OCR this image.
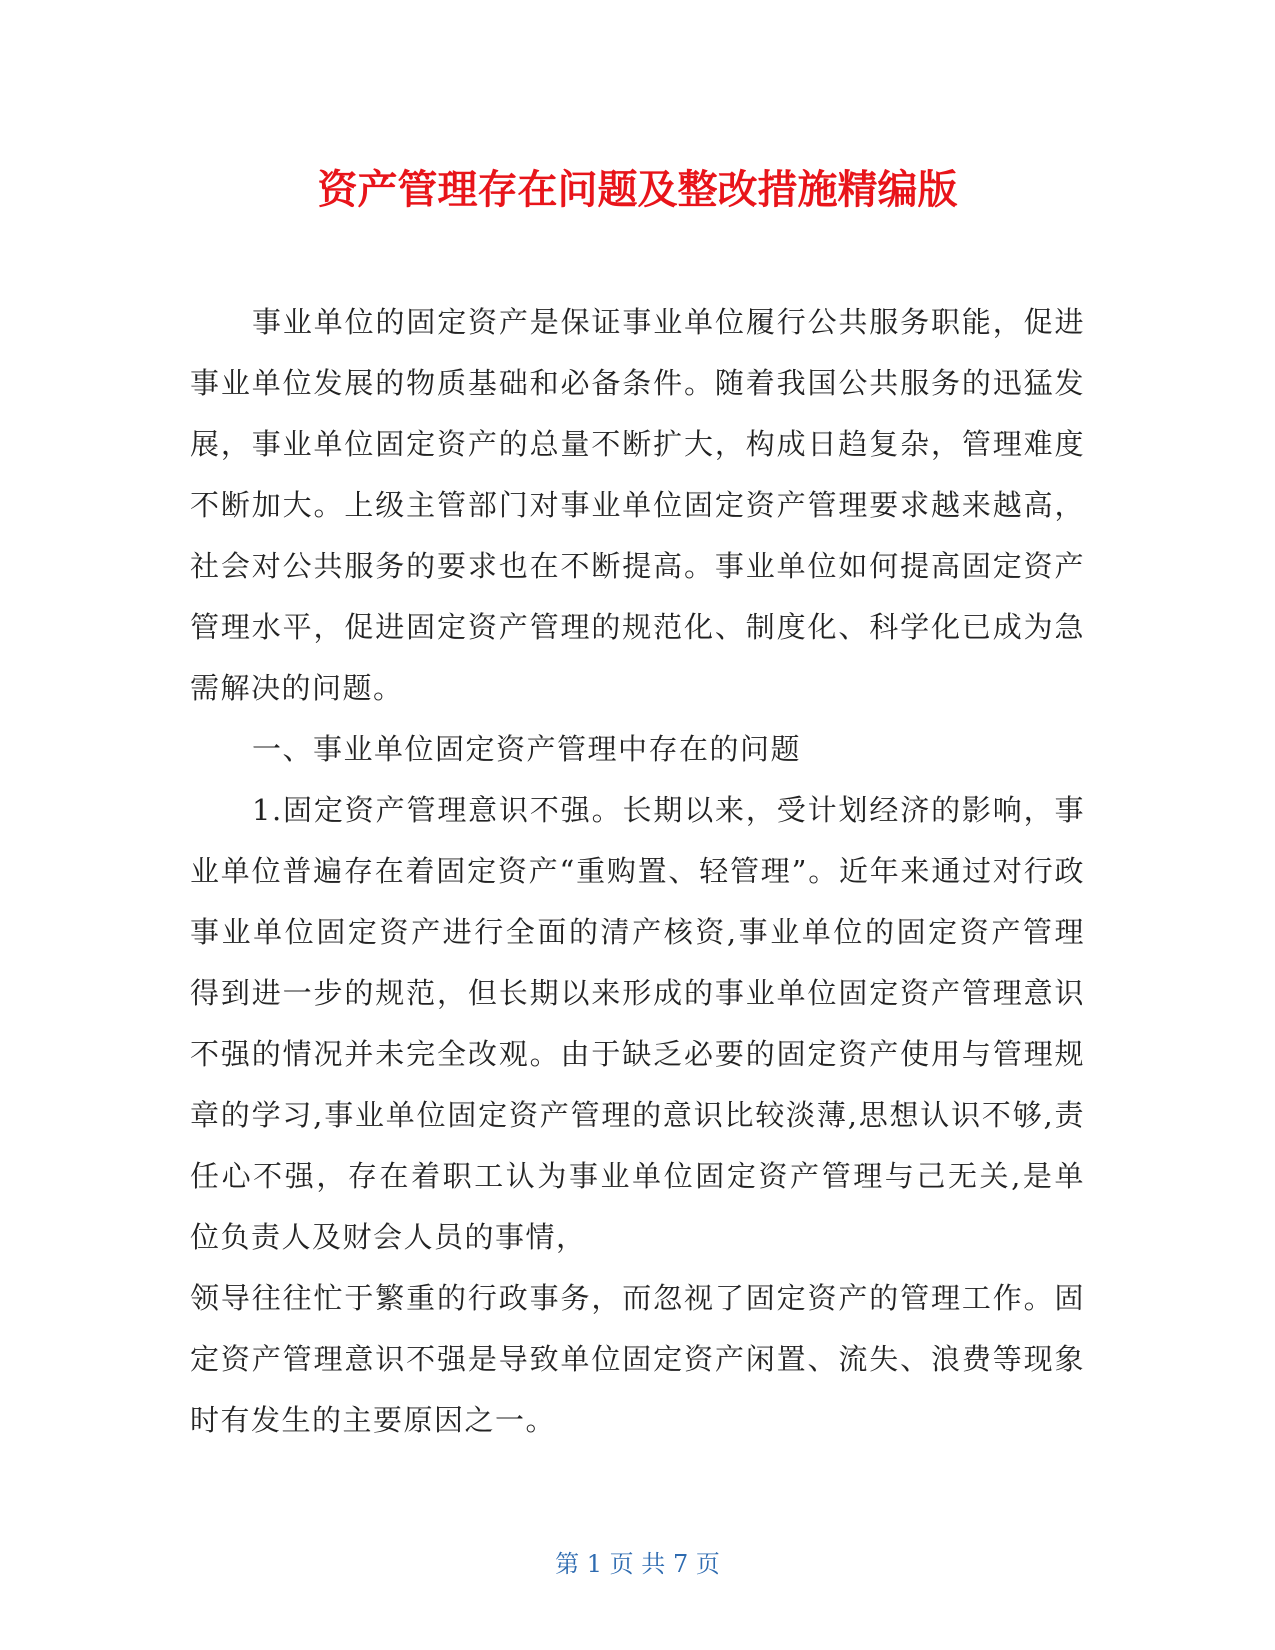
资产管理存在问题及整改措施精编版

事业单位的固定资产是保证事业单位履行公共服务职能，促进事业单位发展的物质基础和必备条件。随着我国公共服务的迅猛发展，事业单位固定资产的总量不断扩大，构成日趋复杂，管理难度不断加大。上级主管部门对事业单位固定资产管理要求越来越高，社会对公共服务的要求也在不断提高。事业单位如何提高固定资产管理水平，促进固定资产管理的规范化、制度化、科学化已成为急需解决的问题。

一、事业单位固定资产管理中存在的问题

1.固定资产管理意识不强。长期以来，受计划经济的影响，事业单位普遍存在着固定资产“重购置、轻管理”。近年来通过对行政事业单位固定资产进行全面的清产核资,事业单位的固定资产管理得到进一步的规范，但长期以来形成的事业单位固定资产管理意识不强的情况并未完全改观。由于缺乏必要的固定资产使用与管理规章的学习,事业单位固定资产管理的意识比较淡薄,思想认识不够,责任心不强，存在着职工认为事业单位固定资产管理与己无关,是单位负责人及财会人员的事情，

领导往往忙于繁重的行政事务，而忽视了固定资产的管理工作。固定资产管理意识不强是导致单位固定资产闲置、流失、浪费等现象时有发生的主要原因之一。

第 1 页 共 7 页
